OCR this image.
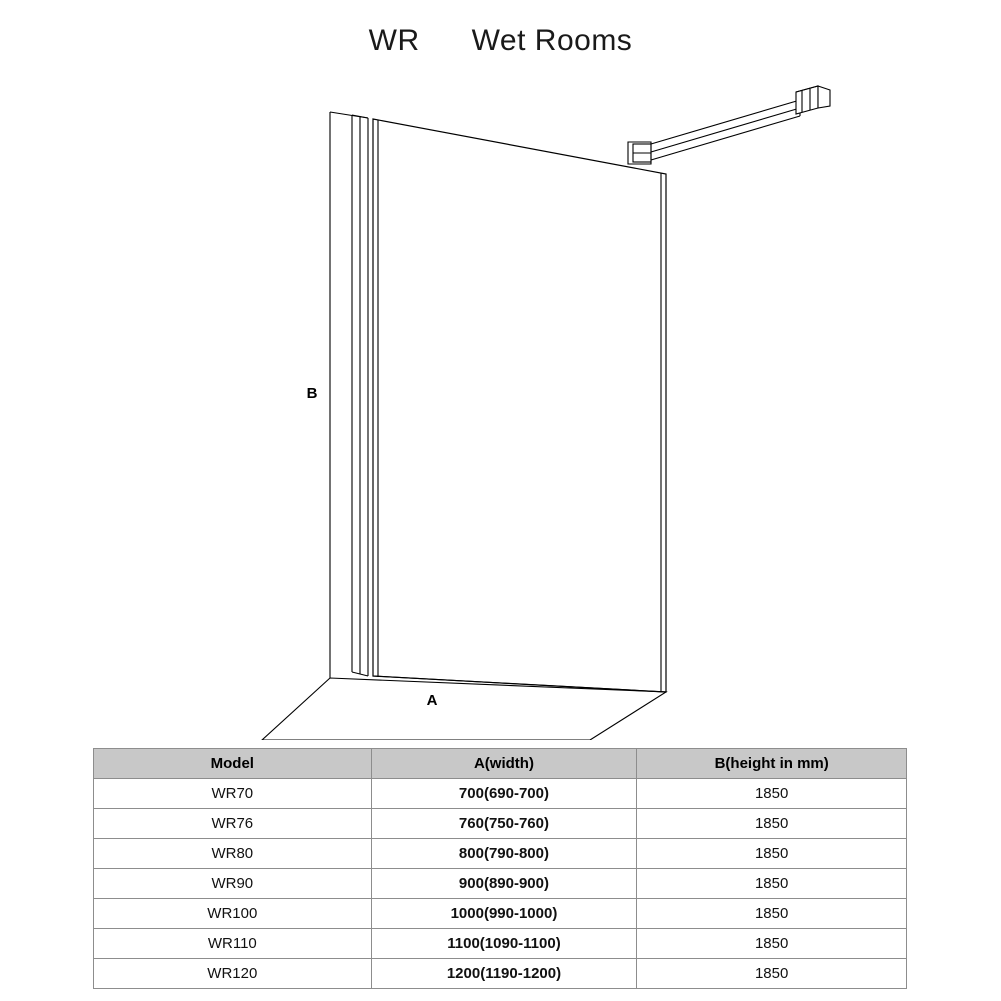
WR Wet Rooms
B
A
Model	A(width)	B(height in mm)
WR70	700(690-700)	1850
WR76	760(750-760)	1850
WR80	800(790-800)	1850
WR90	900(890-900)	1850
WR100	1000(990-1000)	1850
WR110	1100(1090-1100)	1850
WR120	1200(1190-1200)	1850
